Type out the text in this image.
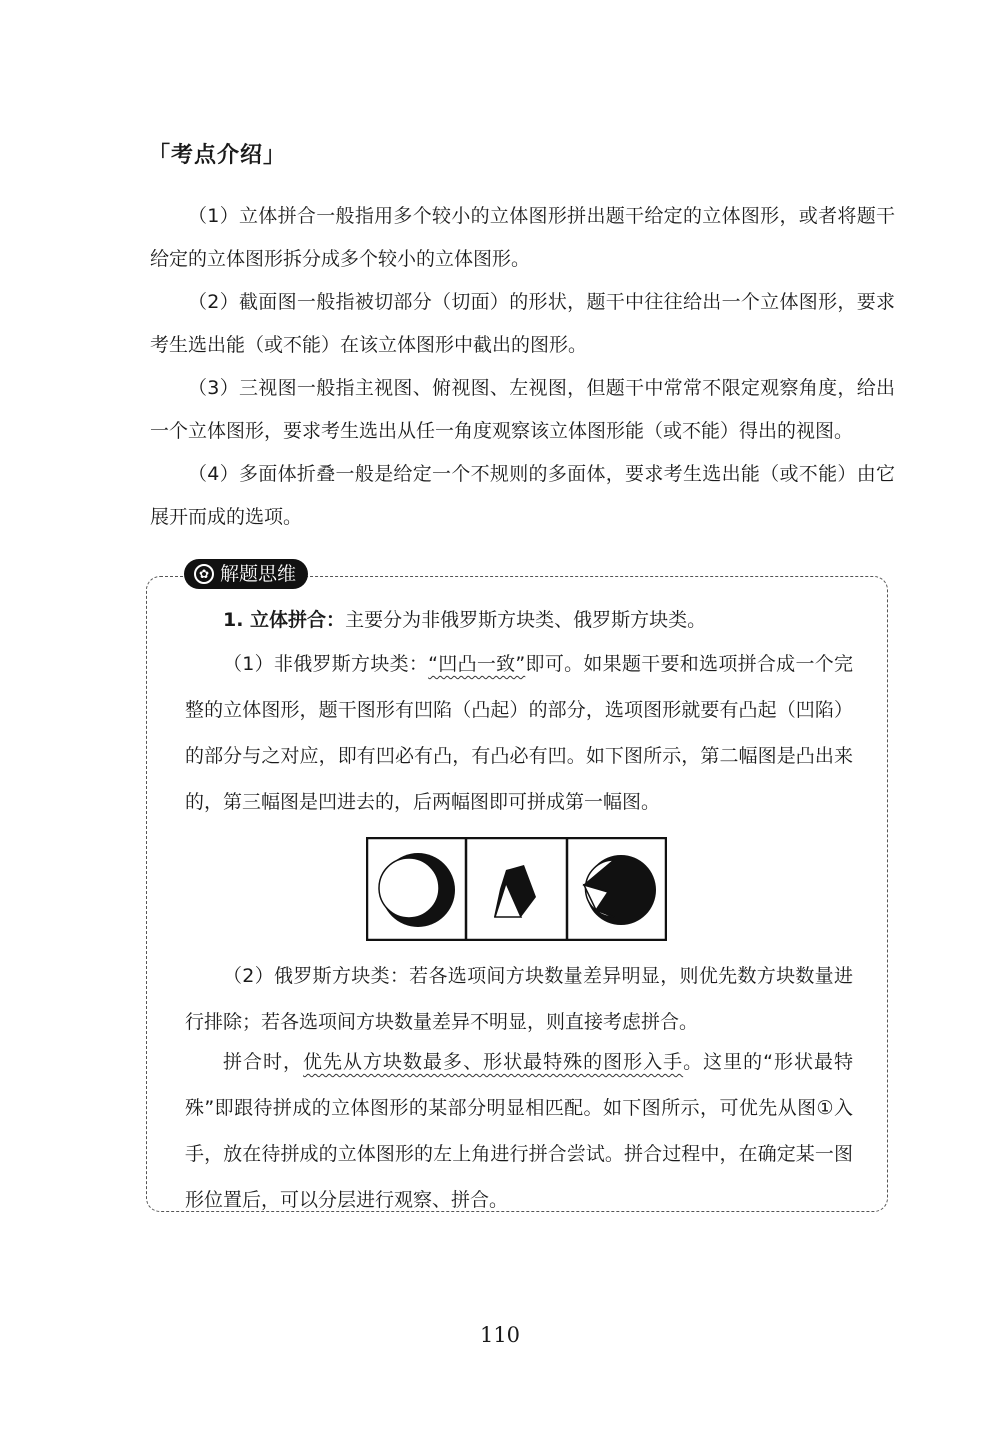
「考点介绍」

（1）立体拼合一般指用多个较小的立体图形拼出题干给定的立体图形，或者将题干给定的立体图形拆分成多个较小的立体图形。

（2）截面图一般指被切部分（切面）的形状，题干中往往给出一个立体图形，要求考生选出能（或不能）在该立体图形中截出的图形。

（3）三视图一般指主视图、俯视图、左视图，但题干中常常不限定观察角度，给出一个立体图形，要求考生选出从任一角度观察该立体图形能（或不能）得出的视图。

（4）多面体折叠一般是给定一个不规则的多面体，要求考生选出能（或不能）由它展开而成的选项。

✿ 解题思维

1. 立体拼合：主要分为非俄罗斯方块类、俄罗斯方块类。

（1）非俄罗斯方块类：“凹凸一致”即可。如果题干要和选项拼合成一个完整的立体图形，题干图形有凹陷（凸起）的部分，选项图形就要有凸起（凹陷）的部分与之对应，即有凹必有凸，有凸必有凹。如下图所示，第二幅图是凸出来的，第三幅图是凹进去的，后两幅图即可拼成第一幅图。

（2）俄罗斯方块类：若各选项间方块数量差异明显，则优先数方块数量进行排除；若各选项间方块数量差异不明显，则直接考虑拼合。

拼合时，优先从方块数最多、形状最特殊的图形入手。这里的“形状最特殊”即跟待拼成的立体图形的某部分明显相匹配。如下图所示，可优先从图①入手，放在待拼成的立体图形的左上角进行拼合尝试。拼合过程中，在确定某一图形位置后，可以分层进行观察、拼合。

110
